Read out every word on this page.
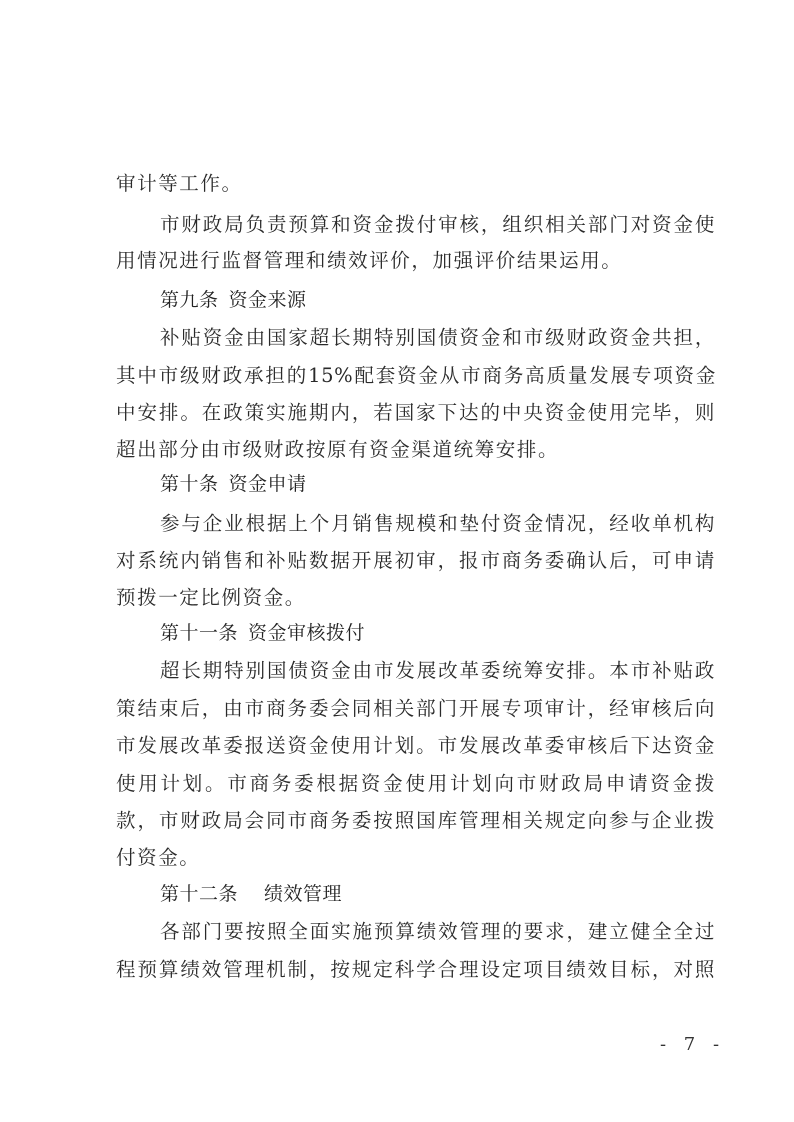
审计等工作。
市财政局负责预算和资金拨付审核，组织相关部门对资金使
用情况进行监督管理和绩效评价，加强评价结果运用。
第九条 资金来源
补贴资金由国家超长期特别国债资金和市级财政资金共担，
其中市级财政承担的15%配套资金从市商务高质量发展专项资金
中安排。在政策实施期内，若国家下达的中央资金使用完毕，则
超出部分由市级财政按原有资金渠道统筹安排。
第十条 资金申请
参与企业根据上个月销售规模和垫付资金情况，经收单机构
对系统内销售和补贴数据开展初审，报市商务委确认后，可申请
预拨一定比例资金。
第十一条 资金审核拨付
超长期特别国债资金由市发展改革委统筹安排。本市补贴政
策结束后，由市商务委会同相关部门开展专项审计，经审核后向
市发展改革委报送资金使用计划。市发展改革委审核后下达资金
使用计划。市商务委根据资金使用计划向市财政局申请资金拨
款，市财政局会同市商务委按照国库管理相关规定向参与企业拨
付资金。
第十二条 绩效管理
各部门要按照全面实施预算绩效管理的要求，建立健全全过
程预算绩效管理机制，按规定科学合理设定项目绩效目标，对照
- 7 -
